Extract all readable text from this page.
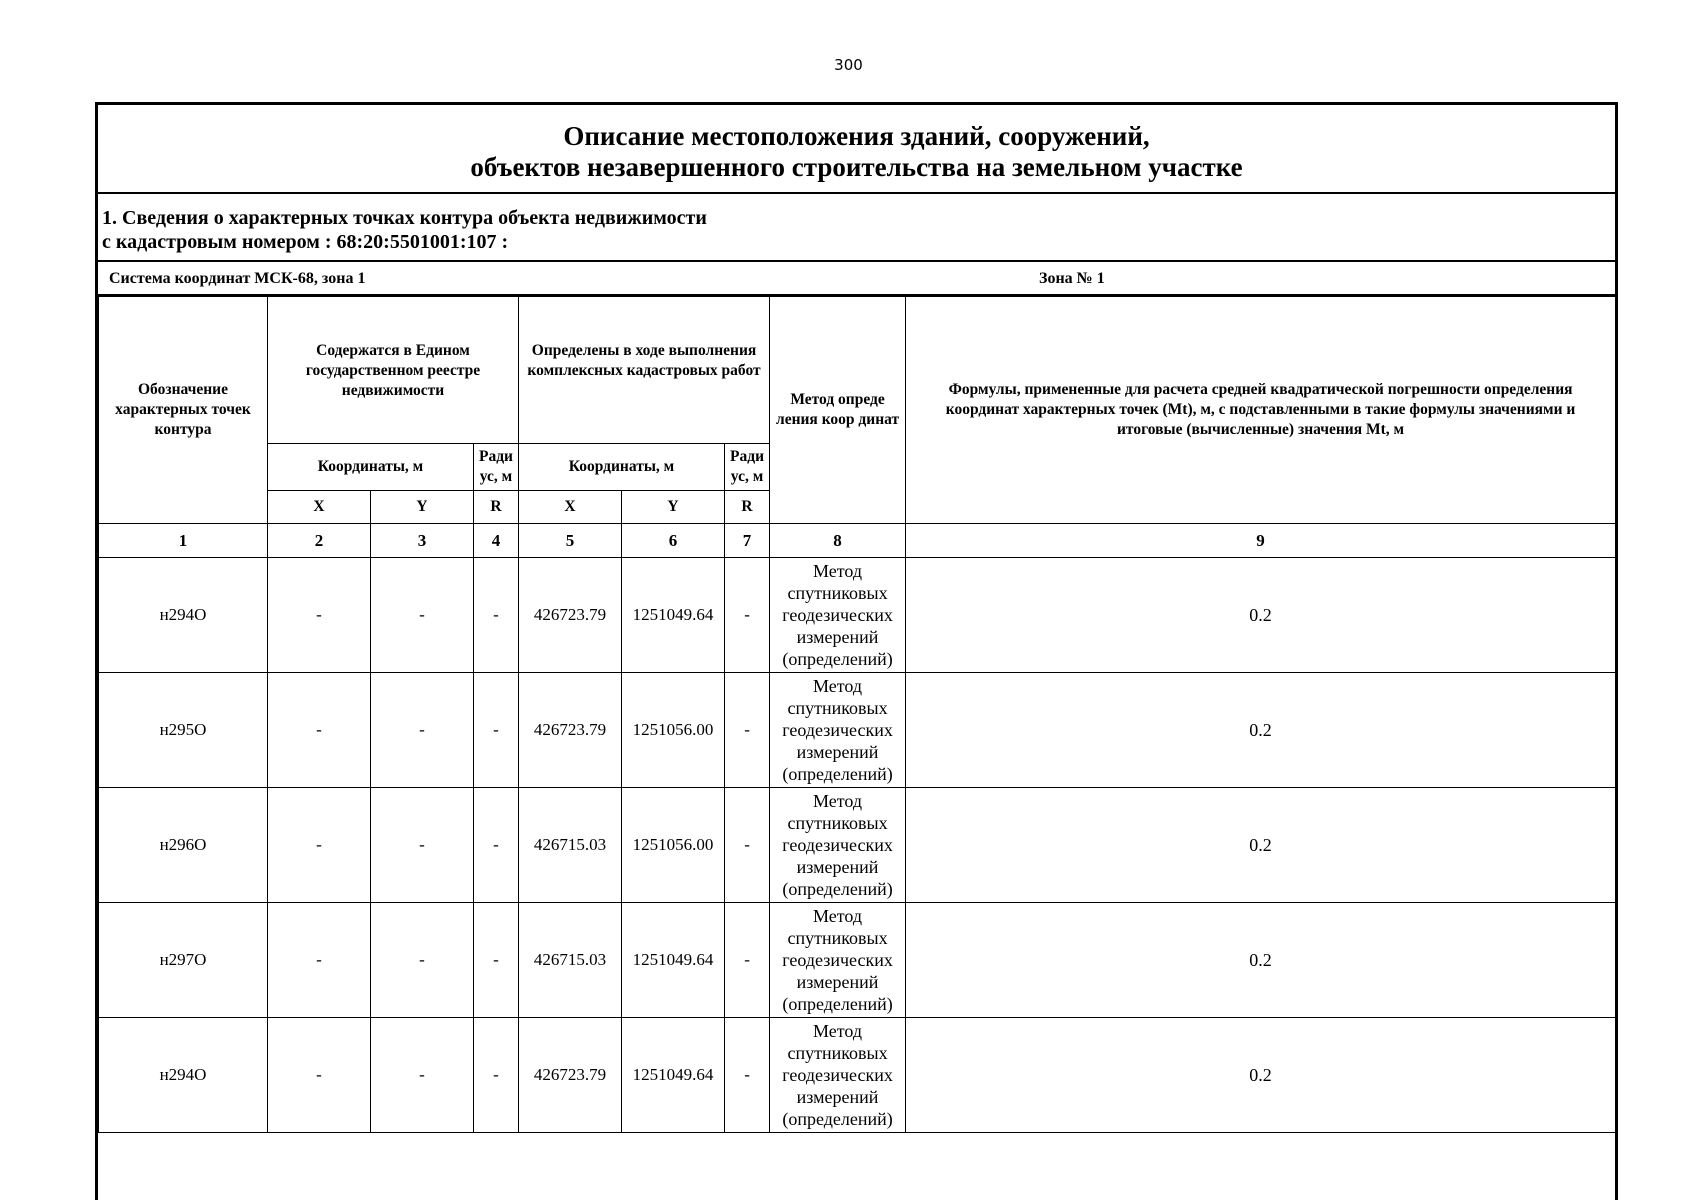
300
Описание местоположения зданий, сооружений,
объектов незавершенного строительства на земельном участке
1. Сведения о характерных точках контура объекта недвижимости
с кадастровым номером : 68:20:5501001:107 :
Система координат МСК-68, зона 1	Зона № 1
Обозначение характерных точек контура	Содержатся в Едином государственном реестре недвижимости			Определены в ходе выполнения комплексных кадастровых работ			Метод опреде ления коор динат	Формулы, примененные для расчета средней квадратической погрешности определения координат характерных точек (Mt), м, с подставленными в такие формулы значениями и итоговые (вычисленные) значения Mt, м
	Координаты, м		Ради ус, м	Координаты, м		Ради ус, м		
	X	Y	R	X	Y	R		
1	2	3	4	5	6	7	8	9
н294О	-	-	-	426723.79	1251049.64	-	Метод спутниковых геодезических измерений (определений)	0.2
н295О	-	-	-	426723.79	1251056.00	-	Метод спутниковых геодезических измерений (определений)	0.2
н296О	-	-	-	426715.03	1251056.00	-	Метод спутниковых геодезических измерений (определений)	0.2
н297О	-	-	-	426715.03	1251049.64	-	Метод спутниковых геодезических измерений (определений)	0.2
н294О	-	-	-	426723.79	1251049.64	-	Метод спутниковых геодезических измерений (определений)	0.2
